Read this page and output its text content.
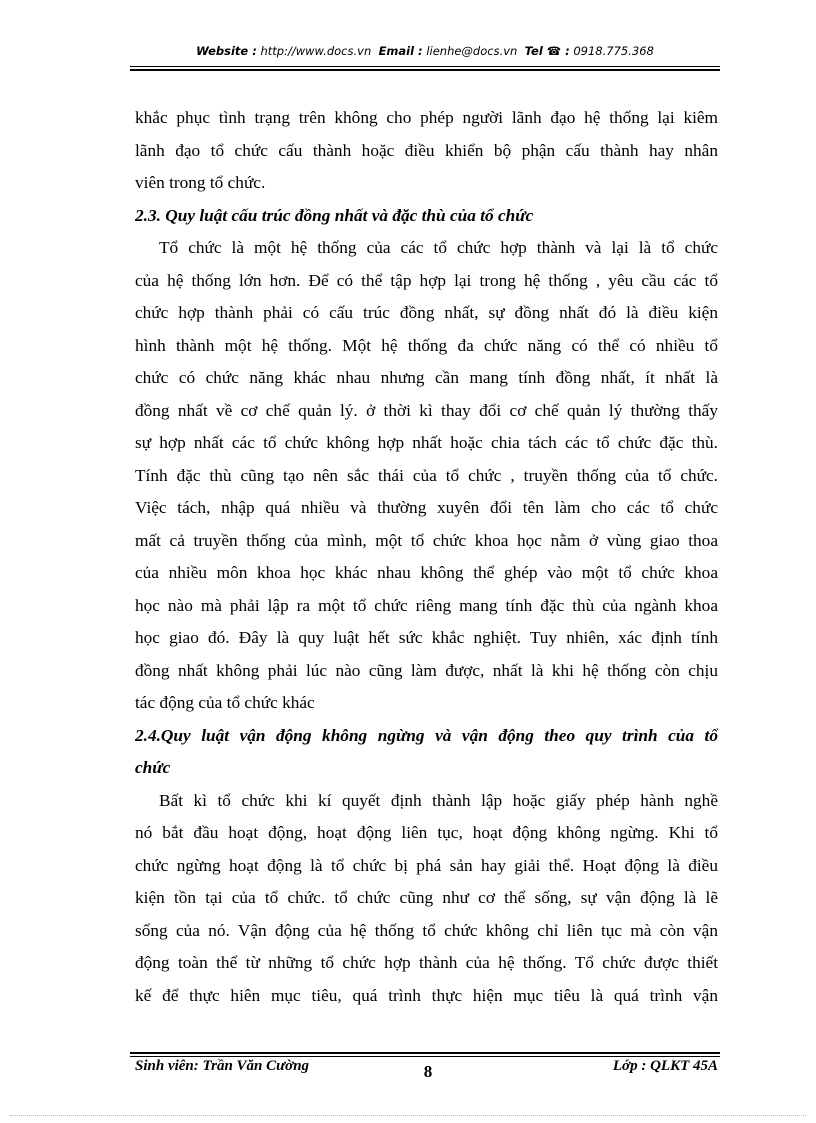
Website : http://www.docs.vn Email : lienhe@docs.vn Tel ☎ : 0918.775.368
khắc phục tình trạng trên không cho phép người lãnh đạo hệ thống lại kiêm
lãnh đạo tổ chức cấu thành hoặc điều khiển bộ phận cấu thành hay nhân
viên trong tổ chức.
2.3. Quy luật cấu trúc đồng nhất và đặc thù của tổ chức
Tổ chức là một hệ thống của các tổ chức hợp thành và lại là tổ chức
của hệ thống lớn hơn. Để có thể tập hợp lại trong hệ thống , yêu cầu các tổ
chức hợp thành phải có cấu trúc đồng nhất, sự đồng nhất đó là điều kiện
hình thành một hệ thống. Một hệ thống đa chức năng có thể có nhiều tổ
chức có chức năng khác nhau nhưng cần mang tính đồng nhất, ít nhất là
đồng nhất về cơ chế quản lý. ở thời kì thay đổi cơ chế quản lý thường thấy
sự hợp nhất các tổ chức không hợp nhất hoặc chia tách các tổ chức đặc thù.
Tính đặc thù cũng tạo nên sắc thái của tổ chức , truyền thống của tổ chức.
Việc tách, nhập quá nhiều và thường xuyên đổi tên làm cho các tổ chức
mất cả truyền thống của mình, một tổ chức khoa học nằm ở vùng giao thoa
của nhiều môn khoa học khác nhau không thể ghép vào một tổ chức khoa
học nào mà phải lập ra một tổ chức riêng mang tính đặc thù của ngành khoa
học giao đó. Đây là quy luật hết sức khắc nghiệt. Tuy nhiên, xác định tính
đồng nhất không phải lúc nào cũng làm được, nhất là khi hệ thống còn chịu
tác động của tổ chức khác
2.4.Quy luật vận động không ngừng và vận động theo quy trình của tổ
chức
Bất kì tổ chức khi kí quyết định thành lập hoặc giấy phép hành nghề
nó bắt đầu hoạt động, hoạt động liên tục, hoạt động không ngừng. Khi tổ
chức ngừng hoạt động là tổ chức bị phá sản hay giải thể. Hoạt động là điều
kiện tồn tại của tổ chức. tổ chức cũng như cơ thể sống, sự vận động là lẽ
sống của nó. Vận động của hệ thống tổ chức không chỉ liên tục mà còn vận
động toàn thể từ những tổ chức hợp thành của hệ thống. Tổ chức được thiết
kế để thực hiên mục tiêu, quá trình thực hiện mục tiêu là quá trình vận
Sinh viên: Trần Văn Cường	8	Lớp : QLKT 45A
